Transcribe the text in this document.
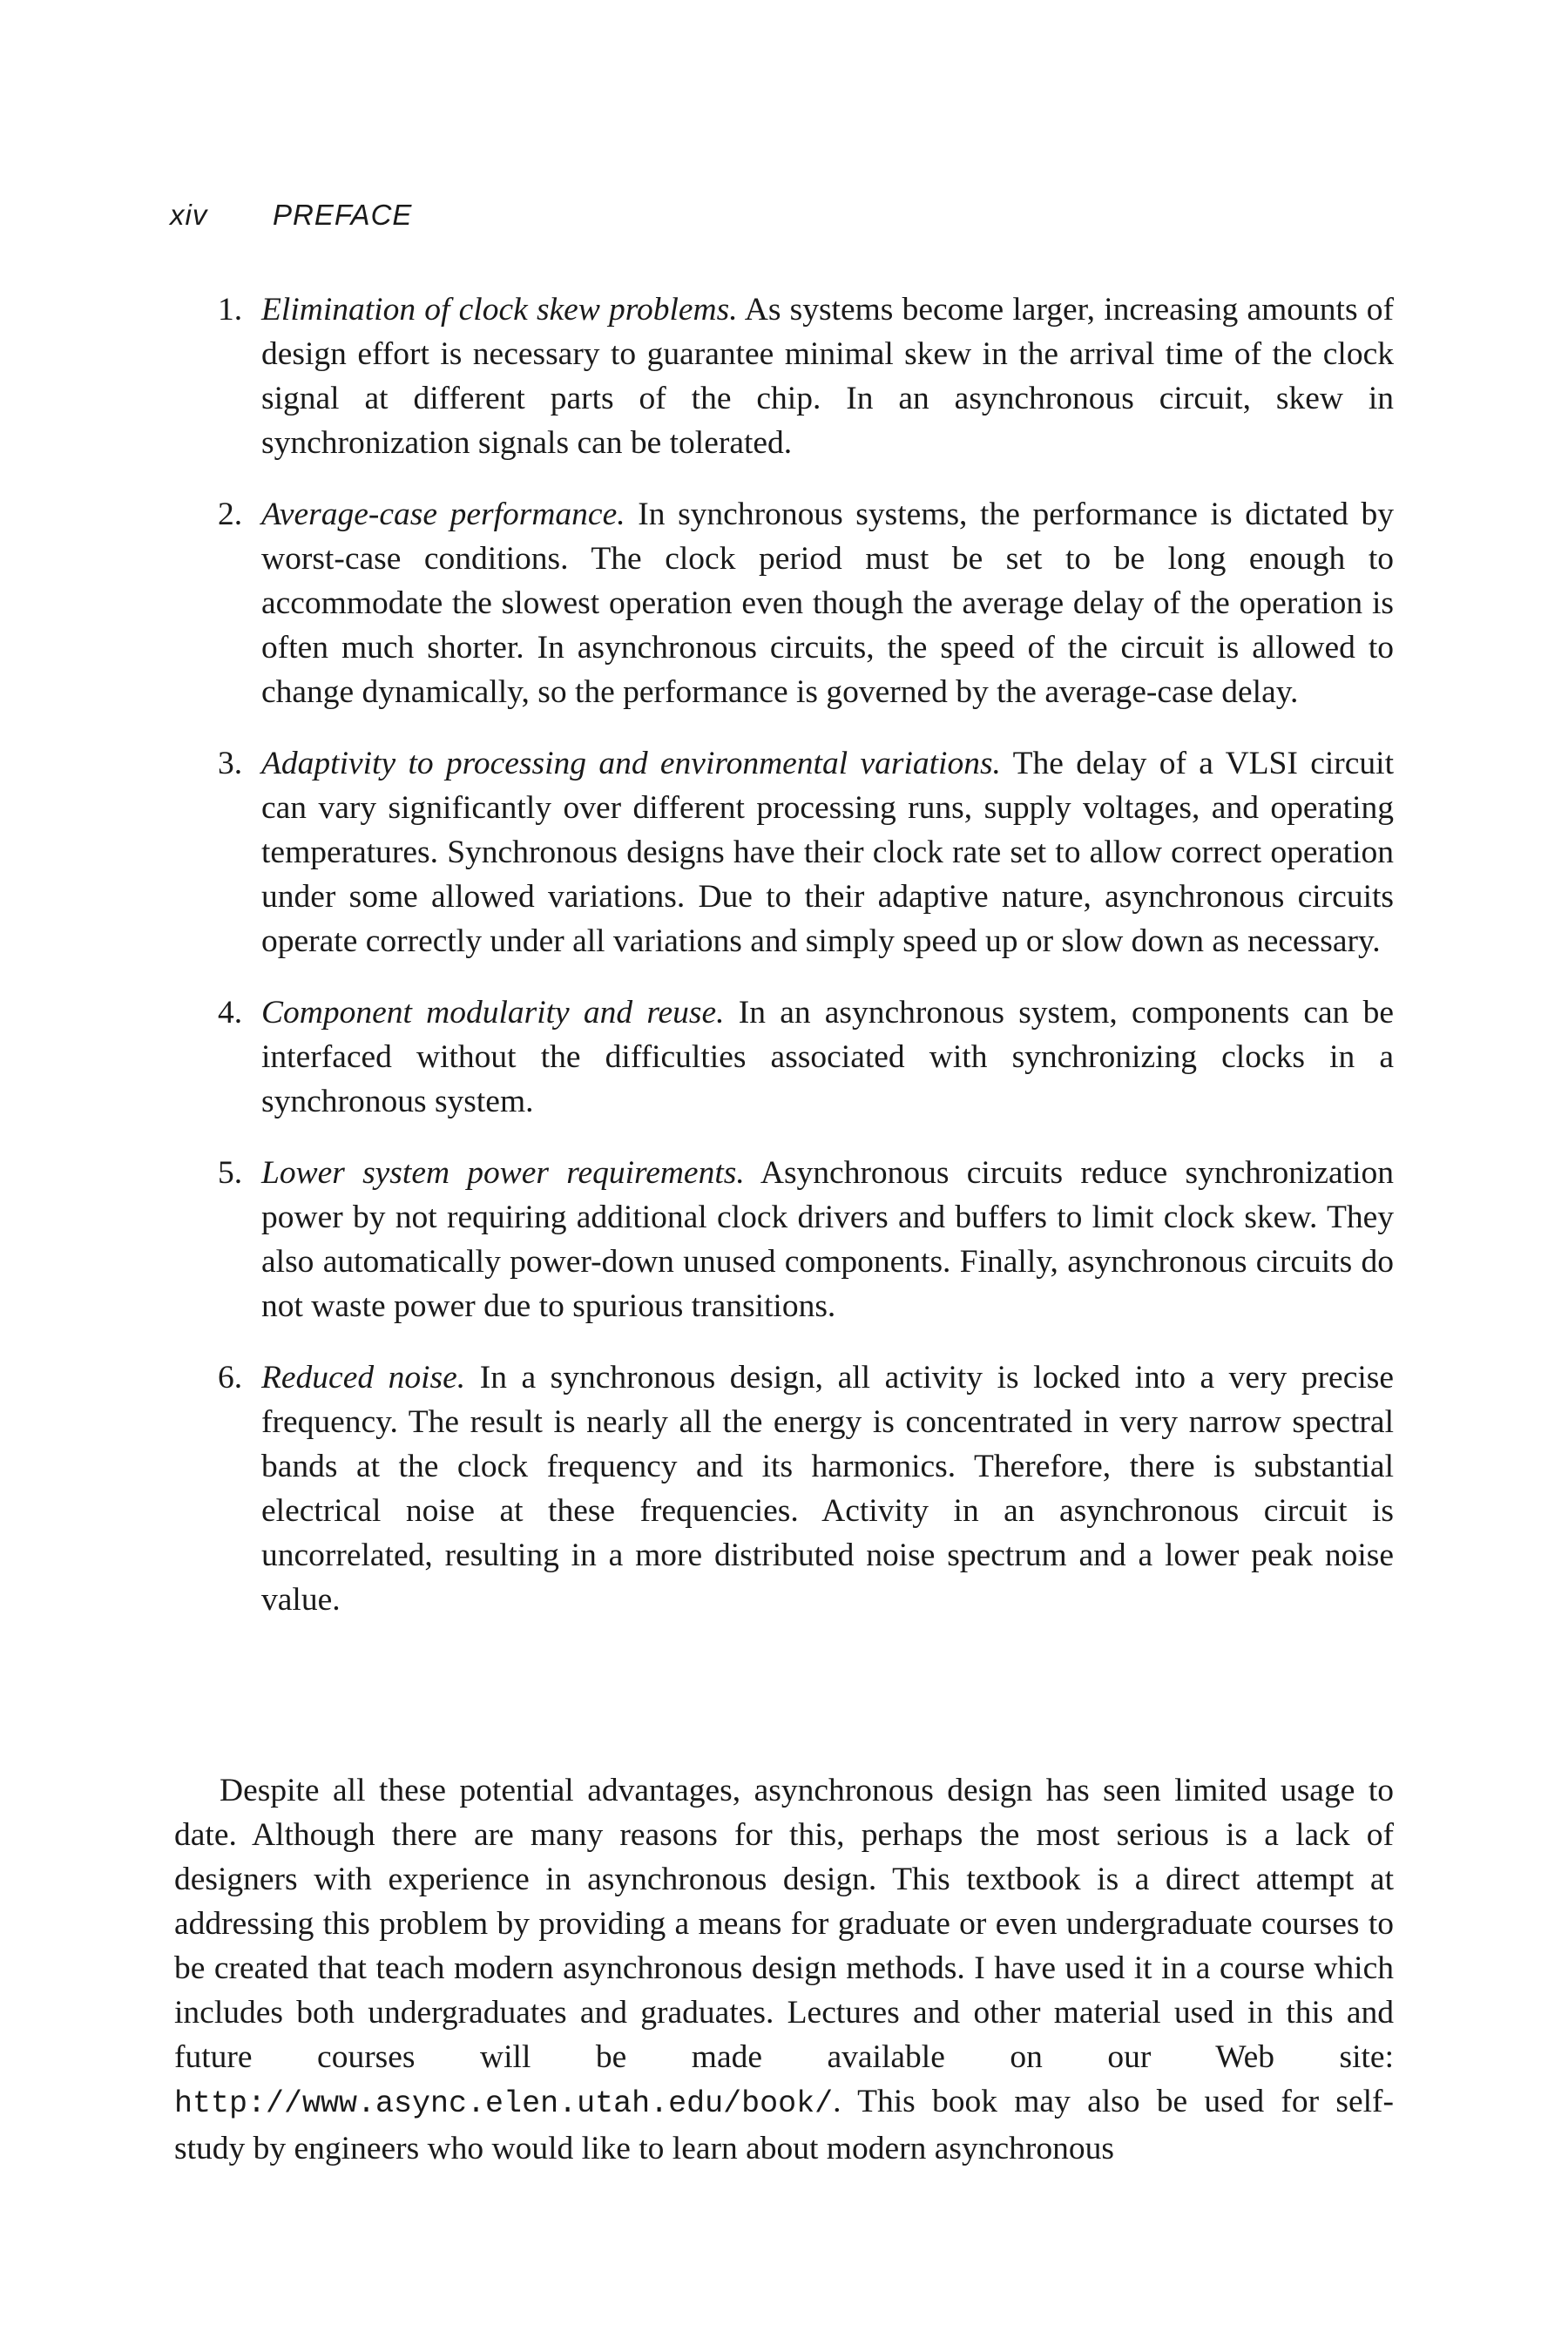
xiv PREFACE
1. Elimination of clock skew problems. As systems become larger, increasing amounts of design effort is necessary to guarantee minimal skew in the arrival time of the clock signal at different parts of the chip. In an asynchronous circuit, skew in synchronization signals can be tolerated.
2. Average-case performance. In synchronous systems, the performance is dictated by worst-case conditions. The clock period must be set to be long enough to accommodate the slowest operation even though the average delay of the operation is often much shorter. In asynchronous circuits, the speed of the circuit is allowed to change dynamically, so the performance is governed by the average-case delay.
3. Adaptivity to processing and environmental variations. The delay of a VLSI circuit can vary significantly over different processing runs, supply voltages, and operating temperatures. Synchronous designs have their clock rate set to allow correct operation under some allowed variations. Due to their adaptive nature, asynchronous circuits operate correctly under all variations and simply speed up or slow down as necessary.
4. Component modularity and reuse. In an asynchronous system, components can be interfaced without the difficulties associated with synchronizing clocks in a synchronous system.
5. Lower system power requirements. Asynchronous circuits reduce synchronization power by not requiring additional clock drivers and buffers to limit clock skew. They also automatically power-down unused components. Finally, asynchronous circuits do not waste power due to spurious transitions.
6. Reduced noise. In a synchronous design, all activity is locked into a very precise frequency. The result is nearly all the energy is concentrated in very narrow spectral bands at the clock frequency and its harmonics. Therefore, there is substantial electrical noise at these frequencies. Activity in an asynchronous circuit is uncorrelated, resulting in a more distributed noise spectrum and a lower peak noise value.

Despite all these potential advantages, asynchronous design has seen limited usage to date. Although there are many reasons for this, perhaps the most serious is a lack of designers with experience in asynchronous design. This textbook is a direct attempt at addressing this problem by providing a means for graduate or even undergraduate courses to be created that teach modern asynchronous design methods. I have used it in a course which includes both undergraduates and graduates. Lectures and other material used in this and future courses will be made available on our Web site: http://www.async.elen.utah.edu/book/. This book may also be used for self-study by engineers who would like to learn about modern asynchronous
